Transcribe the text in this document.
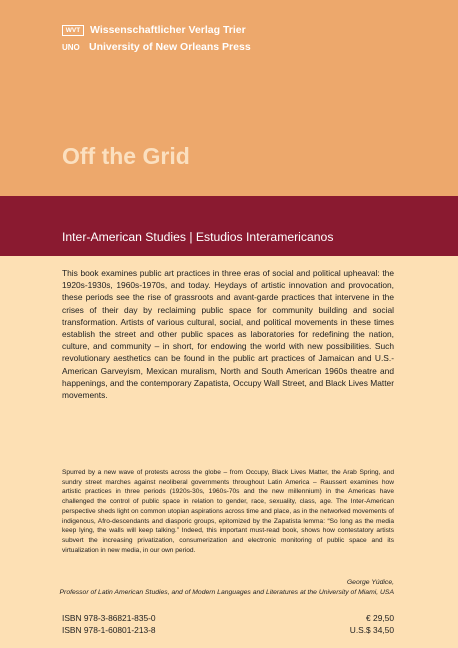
WVT Wissenschaftlicher Verlag Trier
UNO University of New Orleans Press
Off the Grid
Inter-American Studies | Estudios Interamericanos
This book examines public art practices in three eras of social and political upheaval: the 1920s-1930s, 1960s-1970s, and today. Heydays of artistic innovation and provocation, these periods see the rise of grassroots and avant-garde practices that intervene in the crises of their day by reclaiming public space for community building and social transformation. Artists of various cultural, social, and political movements in these times establish the street and other public spaces as laboratories for redefining the nation, culture, and community – in short, for endowing the world with new possibilities. Such revolutionary aesthetics can be found in the public art practices of Jamaican and U.S.-American Garveyism, Mexican muralism, North and South American 1960s theatre and happenings, and the contemporary Zapatista, Occupy Wall Street, and Black Lives Matter movements.
Spurred by a new wave of protests across the globe – from Occupy, Black Lives Matter, the Arab Spring, and sundry street marches against neoliberal governments throughout Latin America – Raussert examines how artistic practices in three periods (1920s-30s, 1960s-70s and the new millennium) in the Americas have challenged the control of public space in relation to gender, race, sexuality, class, age. The Inter-American perspective sheds light on common utopian aspirations across time and place, as in the networked movements of indigenous, Afro-descendants and diasporic groups, epitomized by the Zapatista lemma: “So long as the media keep lying, the walls will keep talking.” Indeed, this important must-read book, shows how contestatory artists subvert the increasing privatization, consumerization and electronic monitoring of public space and its virtualization in new media, in our own period.
George Yúdice,
Professor of Latin American Studies, and of Modern Languages and Literatures at the University of Miami, USA
ISBN 978-3-86821-835-0	€ 29,50
ISBN 978-1-60801-213-8	U.S.$ 34,50
